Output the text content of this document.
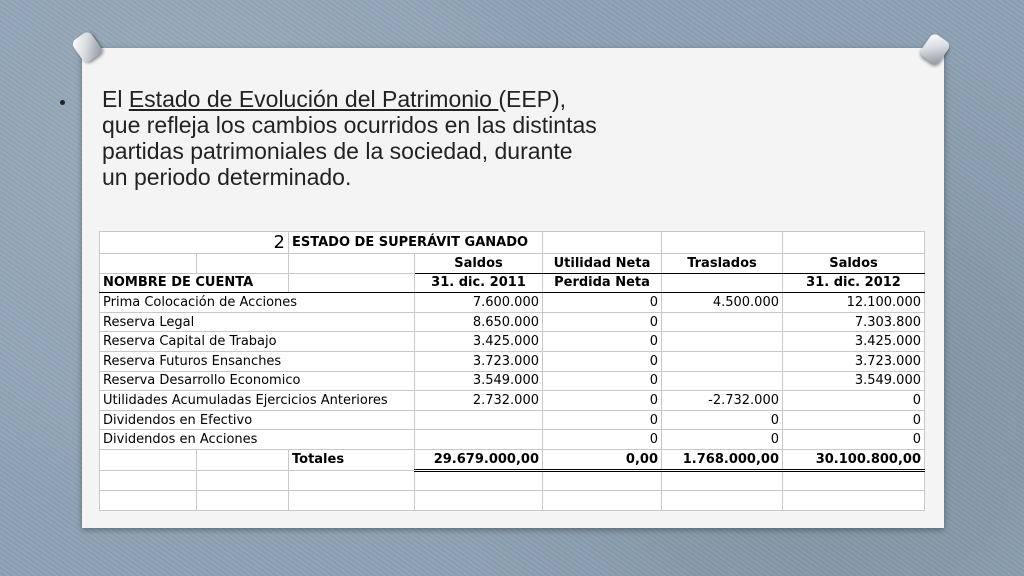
El Estado de Evolución del Patrimonio (EEP),
que refleja los cambios ocurridos en las distintas
partidas patrimoniales de la sociedad, durante
un periodo determinado.
2		ESTADO DE SUPERÁVIT GANADO				
			Saldos	Utilidad Neta	Traslados	Saldos
NOMBRE DE CUENTA			31. dic. 2011	Perdida Neta		31. dic. 2012
Prima Colocación de Acciones			7.600.000	0	4.500.000	12.100.000
Reserva Legal			8.650.000	0		7.303.800
Reserva Capital de Trabajo			3.425.000	0		3.425.000
Reserva Futuros Ensanches			3.723.000	0		3.723.000
Reserva Desarrollo Economico			3.549.000	0		3.549.000
Utilidades Acumuladas Ejercicios Anteriores			2.732.000	0	-2.732.000	0
Dividendos en Efectivo				0	0	0
Dividendos en Acciones				0	0	0
		Totales	29.679.000,00	0,00	1.768.000,00	30.100.800,00
